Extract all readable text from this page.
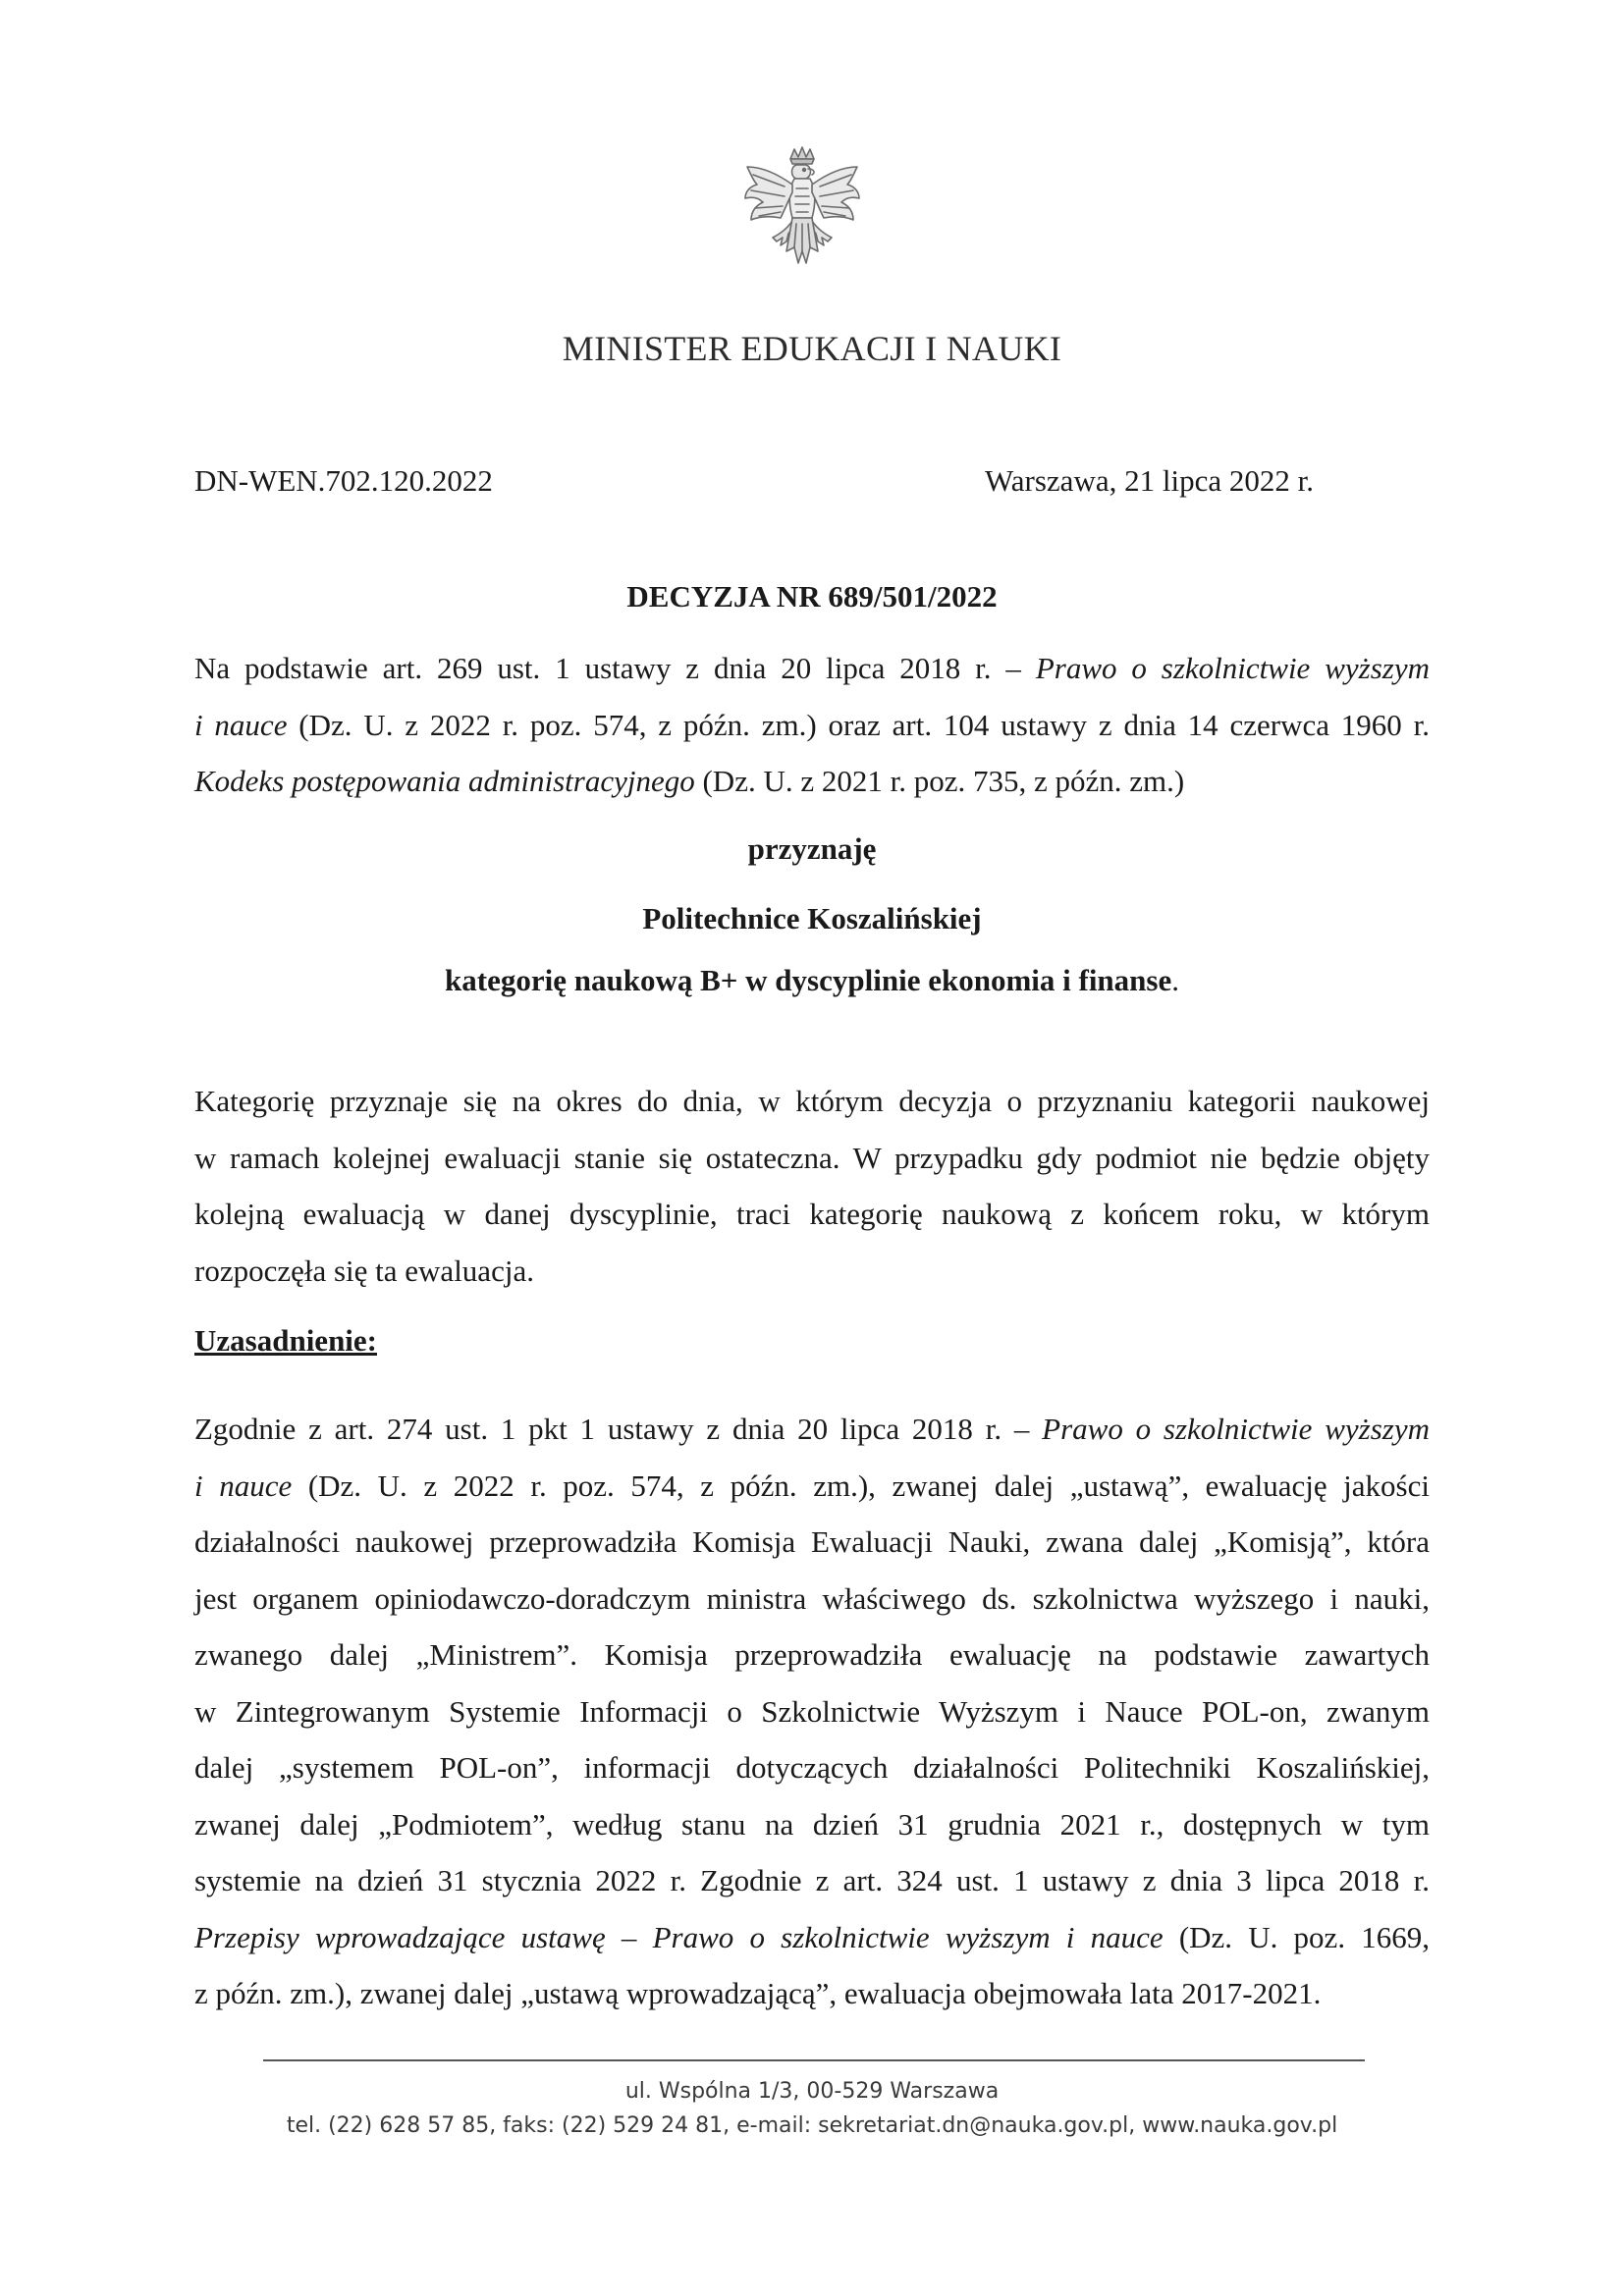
MINISTER EDUKACJI I NAUKI
DN-WEN.702.120.2022	Warszawa, 21 lipca 2022 r.
DECYZJA NR 689/501/2022
Na podstawie art. 269 ust. 1 ustawy z dnia 20 lipca 2018 r. – Prawo o szkolnictwie wyższym
i nauce (Dz. U. z 2022 r. poz. 574, z późn. zm.) oraz art. 104 ustawy z dnia 14 czerwca 1960 r.
Kodeks postępowania administracyjnego (Dz. U. z 2021 r. poz. 735, z późn. zm.)
przyznaję
Politechnice Koszalińskiej
kategorię naukową B+ w dyscyplinie ekonomia i finanse.
Kategorię przyznaje się na okres do dnia, w którym decyzja o przyznaniu kategorii naukowej
w ramach kolejnej ewaluacji stanie się ostateczna. W przypadku gdy podmiot nie będzie objęty
kolejną ewaluacją w danej dyscyplinie, traci kategorię naukową z końcem roku, w którym
rozpoczęła się ta ewaluacja.
Uzasadnienie:
Zgodnie z art. 274 ust. 1 pkt 1 ustawy z dnia 20 lipca 2018 r. – Prawo o szkolnictwie wyższym
i nauce (Dz. U. z 2022 r. poz. 574, z późn. zm.), zwanej dalej „ustawą”, ewaluację jakości
działalności naukowej przeprowadziła Komisja Ewaluacji Nauki, zwana dalej „Komisją”, która
jest organem opiniodawczo-doradczym ministra właściwego ds. szkolnictwa wyższego i nauki,
zwanego dalej „Ministrem”. Komisja przeprowadziła ewaluację na podstawie zawartych
w Zintegrowanym Systemie Informacji o Szkolnictwie Wyższym i Nauce POL-on, zwanym
dalej „systemem POL-on”, informacji dotyczących działalności Politechniki Koszalińskiej,
zwanej dalej „Podmiotem”, według stanu na dzień 31 grudnia 2021 r., dostępnych w tym
systemie na dzień 31 stycznia 2022 r. Zgodnie z art. 324 ust. 1 ustawy z dnia 3 lipca 2018 r.
Przepisy wprowadzające ustawę – Prawo o szkolnictwie wyższym i nauce (Dz. U. poz. 1669,
z późn. zm.), zwanej dalej „ustawą wprowadzającą”, ewaluacja obejmowała lata 2017-2021.
ul. Wspólna 1/3, 00-529 Warszawa
tel. (22) 628 57 85, faks: (22) 529 24 81, e-mail: sekretariat.dn@nauka.gov.pl, www.nauka.gov.pl
